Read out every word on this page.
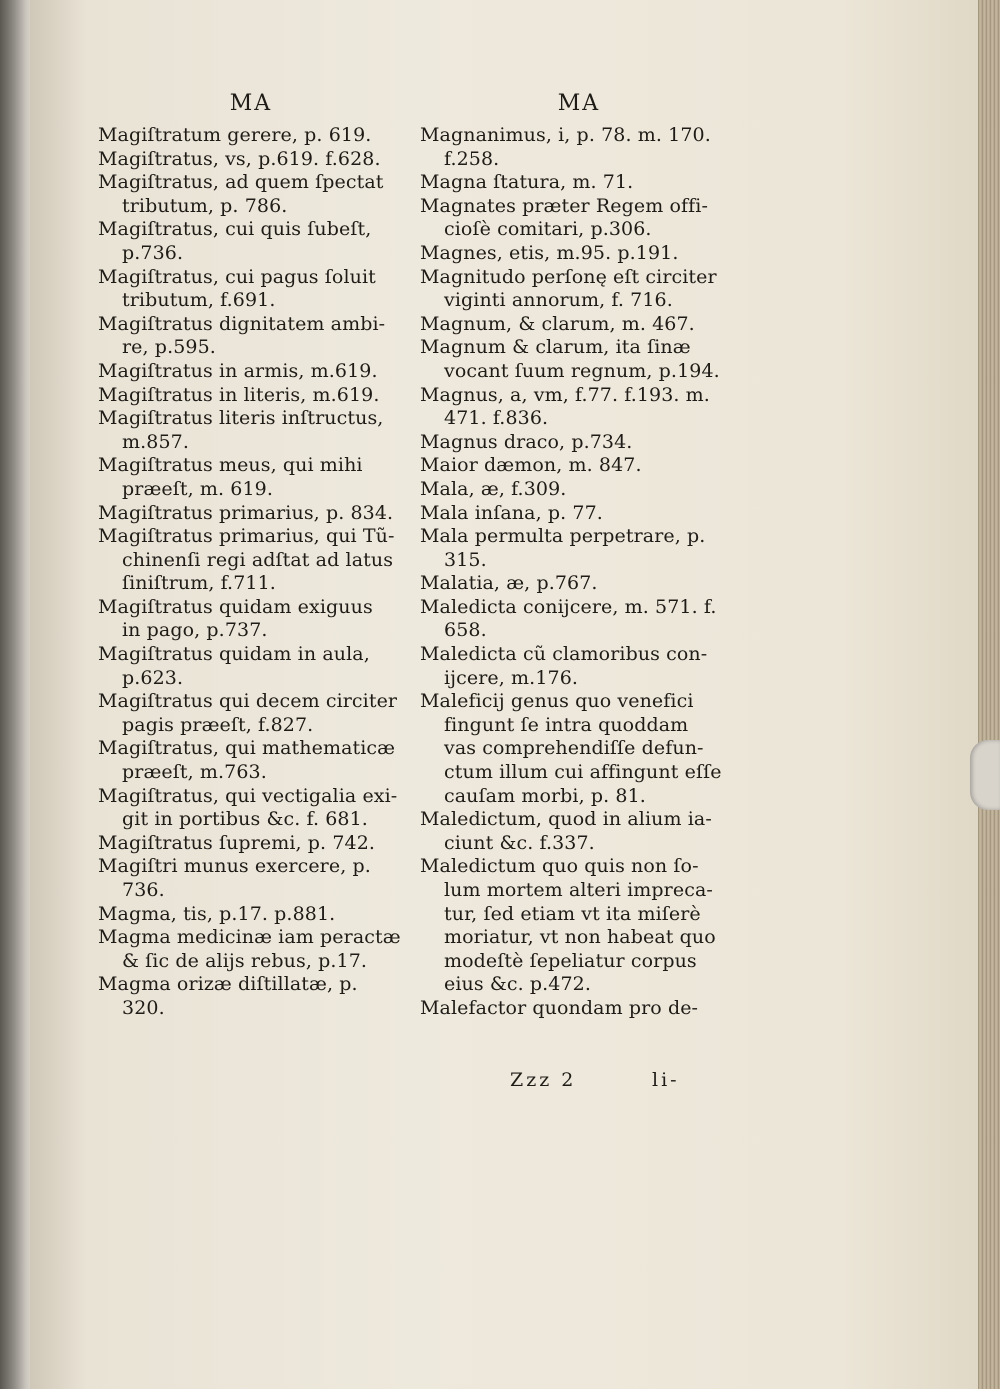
MA
Magiſtratum gerere, p. 619.
Magiſtratus, vs, p.619. f.628.
Magiſtratus, ad quem ſpectat
tributum, p. 786.
Magiſtratus, cui quis ſubeſt,
p.736.
Magiſtratus, cui pagus ſoluit
tributum, f.691.
Magiſtratus dignitatem ambi-
re, p.595.
Magiſtratus in armis, m.619.
Magiſtratus in literis, m.619.
Magiſtratus literis inſtructus,
m.857.
Magiſtratus meus, qui mihi
præeſt, m. 619.
Magiſtratus primarius, p. 834.
Magiſtratus primarius, qui Tũ-
chinenſi regi adſtat ad latus
ſiniſtrum, f.711.
Magiſtratus quidam exiguus
in pago, p.737.
Magiſtratus quidam in aula,
p.623.
Magiſtratus qui decem circiter
pagis præeſt, f.827.
Magiſtratus, qui mathematicæ
præeſt, m.763.
Magiſtratus, qui vectigalia exi-
git in portibus &c. f. 681.
Magiſtratus ſupremi, p. 742.
Magiſtri munus exercere, p.
736.
Magma, tis, p.17. p.881.
Magma medicinæ iam peractæ
& ſic de alijs rebus, p.17.
Magma orizæ diſtillatæ, p.
320.
MA
Magnanimus, i, p. 78. m. 170.
f.258.
Magna ſtatura, m. 71.
Magnates præter Regem offi-
cioſè comitari, p.306.
Magnes, etis, m.95. p.191.
Magnitudo perſonę eſt circiter
viginti annorum, f. 716.
Magnum, & clarum, m. 467.
Magnum & clarum, ita ſinæ
vocant ſuum regnum, p.194.
Magnus, a, vm, f.77. f.193. m.
471. f.836.
Magnus draco, p.734.
Maior dæmon, m. 847.
Mala, æ, f.309.
Mala inſana, p. 77.
Mala permulta perpetrare, p.
315.
Malatia, æ, p.767.
Maledicta conijcere, m. 571. f.
658.
Maledicta cũ clamoribus con-
ijcere, m.176.
Maleficij genus quo venefici
fingunt ſe intra quoddam
vas comprehendiſſe defun-
ctum illum cui affingunt eſſe
cauſam morbi, p. 81.
Maledictum, quod in alium ia-
ciunt &c. f.337.
Maledictum quo quis non ſo-
lum mortem alteri impreca-
tur, ſed etiam vt ita miſerè
moriatur, vt non habeat quo
modeſtè ſepeliatur corpus
eius &c. p.472.
Malefactor quondam pro de-
Zzz 2	li-
